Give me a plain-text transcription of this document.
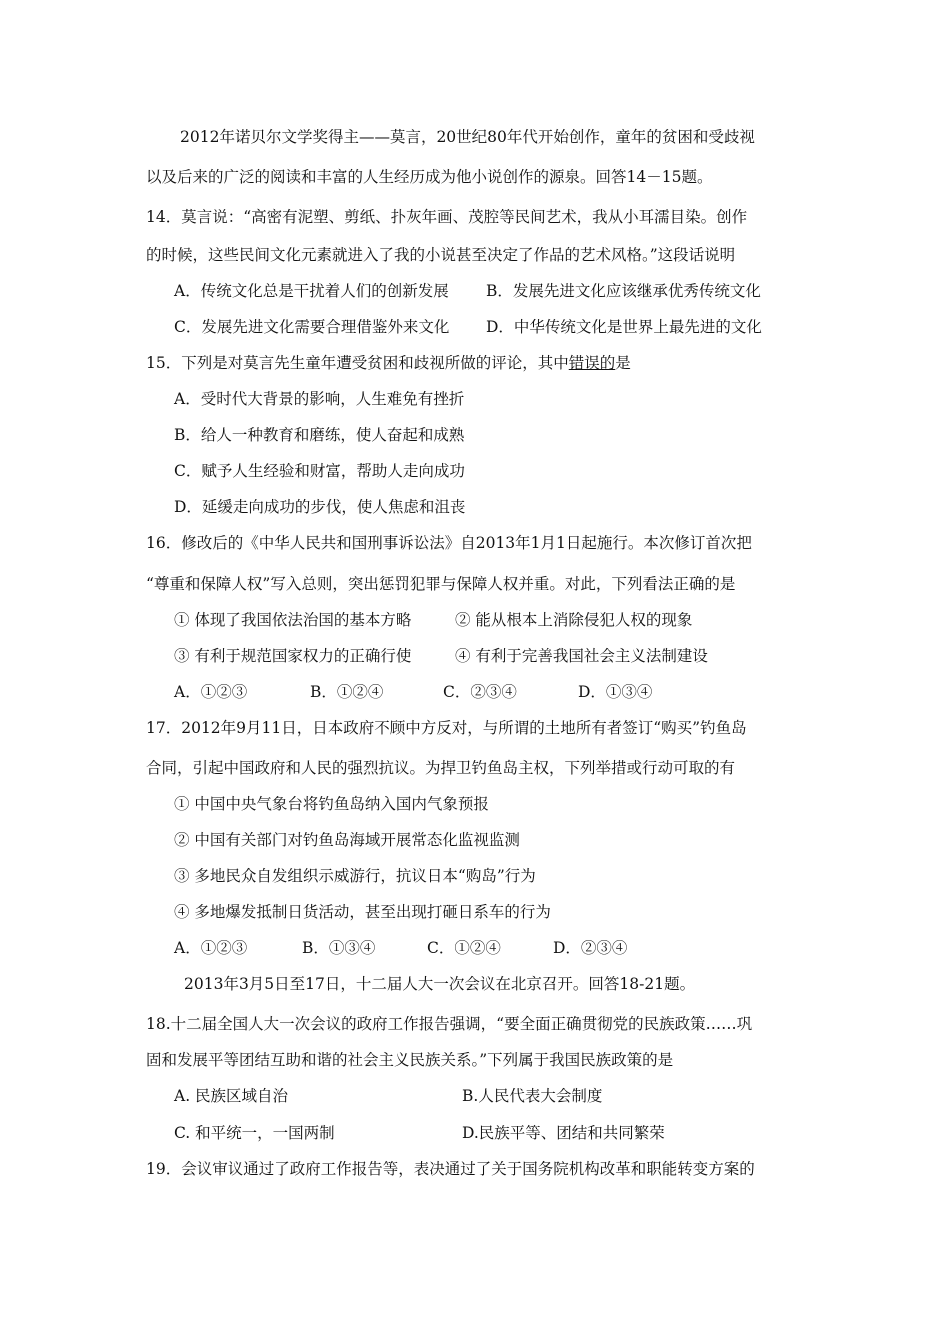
2012年诺贝尔文学奖得主——莫言，20世纪80年代开始创作，童年的贫困和受歧视
以及后来的广泛的阅读和丰富的人生经历成为他小说创作的源泉。回答14－15题。
14．莫言说：“高密有泥塑、剪纸、扑灰年画、茂腔等民间艺术，我从小耳濡目染。创作
的时候，这些民间文化元素就进入了我的小说甚至决定了作品的艺术风格。”这段话说明
A．传统文化总是干扰着人们的创新发展 B．发展先进文化应该继承优秀传统文化
C．发展先进文化需要合理借鉴外来文化 D．中华传统文化是世界上最先进的文化
15．下列是对莫言先生童年遭受贫困和歧视所做的评论，其中错误的是
A．受时代大背景的影响，人生难免有挫折
B．给人一种教育和磨练，使人奋起和成熟
C．赋予人生经验和财富，帮助人走向成功
D．延缓走向成功的步伐，使人焦虑和沮丧
16．修改后的《中华人民共和国刑事诉讼法》自2013年1月1日起施行。本次修订首次把
“尊重和保障人权”写入总则，突出惩罚犯罪与保障人权并重。对此，下列看法正确的是
① 体现了我国依法治国的基本方略	② 能从根本上消除侵犯人权的现象
③ 有利于规范国家权力的正确行使	④ 有利于完善我国社会主义法制建设
A．①②③	B．①②④	C．②③④	D．①③④
17．2012年9月11日，日本政府不顾中方反对，与所谓的土地所有者签订“购买”钓鱼岛
合同，引起中国政府和人民的强烈抗议。为捍卫钓鱼岛主权，下列举措或行动可取的有
① 中国中央气象台将钓鱼岛纳入国内气象预报
② 中国有关部门对钓鱼岛海域开展常态化监视监测
③ 多地民众自发组织示威游行，抗议日本“购岛”行为
④ 多地爆发抵制日货活动，甚至出现打砸日系车的行为
A．①②③	B．①③④	C．①②④	D．②③④
2013年3月5日至17日，十二届人大一次会议在北京召开。回答18-21题。
18.十二届全国人大一次会议的政府工作报告强调，“要全面正确贯彻党的民族政策……巩
固和发展平等团结互助和谐的社会主义民族关系。”下列属于我国民族政策的是
A. 民族区域自治	B.人民代表大会制度
C. 和平统一，一国两制	D.民族平等、团结和共同繁荣
19．会议审议通过了政府工作报告等，表决通过了关于国务院机构改革和职能转变方案的
